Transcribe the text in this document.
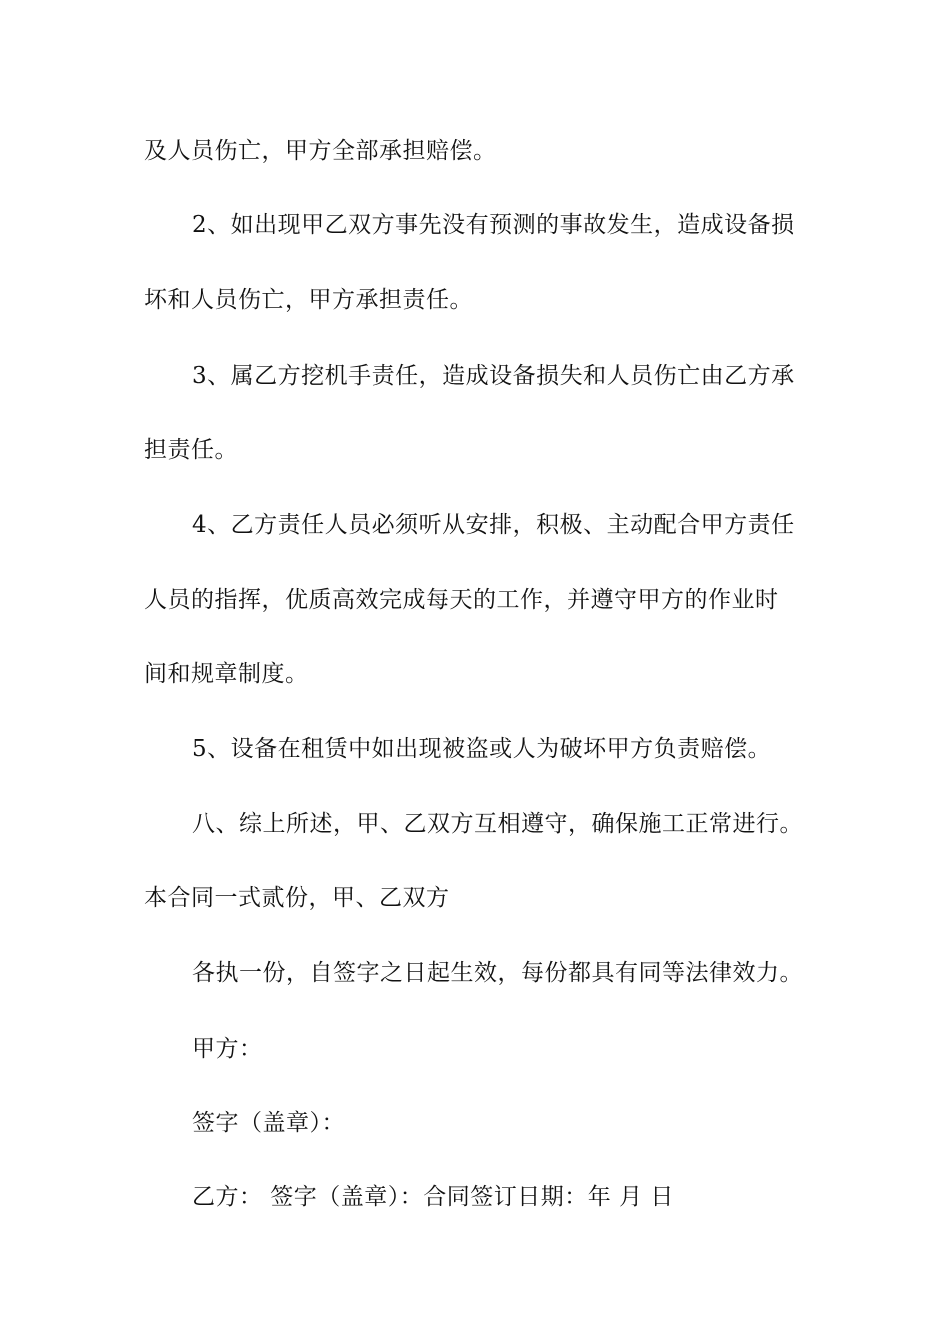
及人员伤亡，甲方全部承担赔偿。
2、如出现甲乙双方事先没有预测的事故发生，造成设备损
坏和人员伤亡，甲方承担责任。
3、属乙方挖机手责任，造成设备损失和人员伤亡由乙方承
担责任。
4、乙方责任人员必须听从安排，积极、主动配合甲方责任
人员的指挥，优质高效完成每天的工作，并遵守甲方的作业时
间和规章制度。
5、设备在租赁中如出现被盗或人为破坏甲方负责赔偿。
八、综上所述，甲、乙双方互相遵守，确保施工正常进行。
本合同一式贰份，甲、乙双方
各执一份，自签字之日起生效，每份都具有同等法律效力。
甲方：
签字（盖章）：
乙方： 签字（盖章）：合同签订日期：年 月 日
